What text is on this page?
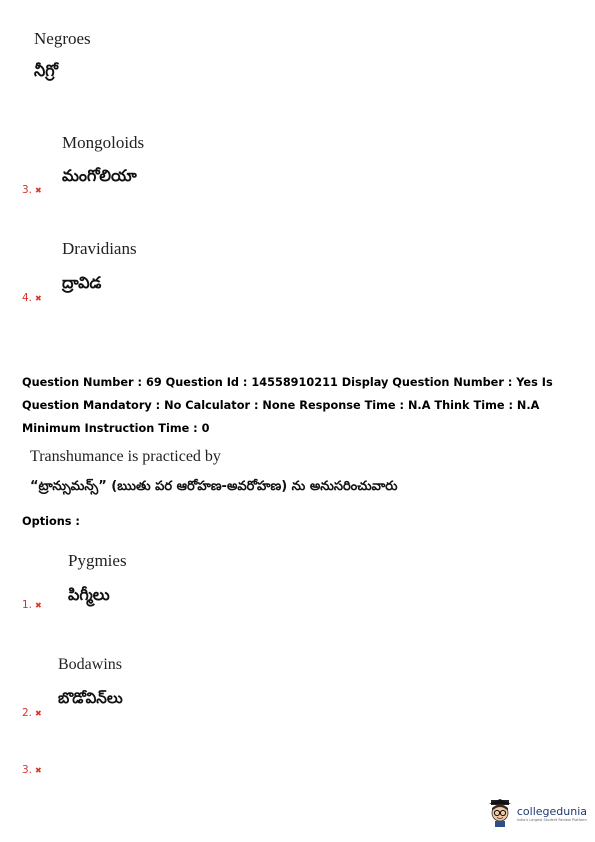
Negroes
నీగ్రో
Mongoloids
మంగోలియా
3. ✖
Dravidians
ద్రావిడ
4. ✖
Question Number : 69 Question Id : 14558910211 Display Question Number : Yes Is Question Mandatory : No Calculator : None Response Time : N.A Think Time : N.A Minimum Instruction Time : 0
Transhumance is practiced by
“ట్రాన్సుమన్స్” (ఋతు పర ఆరోహణ-అవరోహణ) ను అనుసరించువారు
Options :
Pygmies
పిగ్మీలు
1. ✖
Bodawins
బొడోవిన్‌లు
2. ✖
3. ✖
collegedunia
India's Largest Student Review Platform
